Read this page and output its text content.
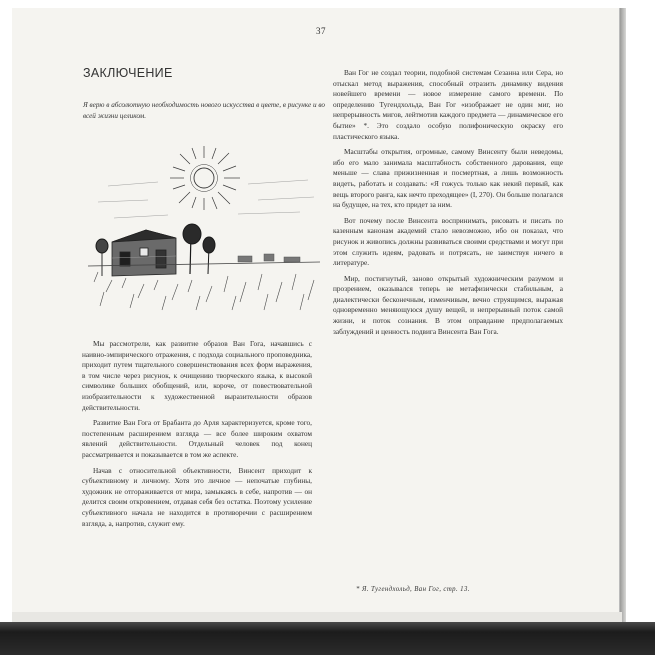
37
ЗАКЛЮЧЕНИЕ
Я верю в абсолютную необходимость нового искусства в цвете, в рисунке и во всей жизни целиком.

Мы рассмотрели, как развитие образов Ван Гога, начавшись с наивно-эмпирического отражения, с подхода социального проповедника, приходит путем тщательного совершенствования всех форм выражения, в том числе через рисунок, к очищению творческого языка, к высокой символике больших обобщений, или, короче, от повествовательной изобразительности к художественной выразительности образов действительности.

Развитие Ван Гога от Брабанта до Арля характеризуется, кроме того, постепенным расширением взгляда — все более широким охватом явлений действительности. Отдельный человек под конец рассматривается и показывается в том же аспекте.

Начав с относительной объективности, Винсент приходит к субъективному и личному. Хотя это личное — непочатые глубины, художник не отгораживается от мира, замыкаясь в себе, напротив — он делится своим откровением, отдавая себя без остатка. Поэтому усиление субъективного начала не находится в противоречии с расширением взгляда, а, напротив, служит ему.

Ван Гог не создал теории, подобной системам Сезанна или Сера, но отыскал метод выражения, способный отразить динамику видения новейшего времени — новое измерение самого времени. По определению Тугендхольда, Ван Гог «изображает не один миг, но непрерывность мигов, лейтмотив каждого предмета — динамическое его бытие» *. Это создало особую полифоническую окраску его пластического языка.

Масштабы открытия, огромные, самому Винсенту были неведомы, ибо его мало занимала масштабность собственного дарования, еще меньше — слава прижизненная и посмертная, а лишь возможность видеть, работать и создавать: «Я гожусь только как некий первый, как вещь второго ранга, как нечто преходящее» (I, 270). Он больше полагался на будущее, на тех, кто придет за ним.

Вот почему после Винсента воспринимать, рисовать и писать по казенным канонам академий стало невозможно, ибо он показал, что рисунок и живопись должны развиваться своими средствами и могут при этом служить идеям, радовать и потрясать, не заимствуя ничего в литературе.

Мир, постигнутый, заново открытый художническим разумом и прозрением, оказывался теперь не метафизически стабильным, а диалектически бесконечным, изменчивым, вечно струящимся, выражая одновременно меняющуюся душу вещей, и непрерывный поток самой жизни, и поток сознания. В этом оправдание предполагаемых заблуждений и ценность подвига Винсента Ван Гога.

* Я. Тугендхольд, Ван Гог, стр. 13.
